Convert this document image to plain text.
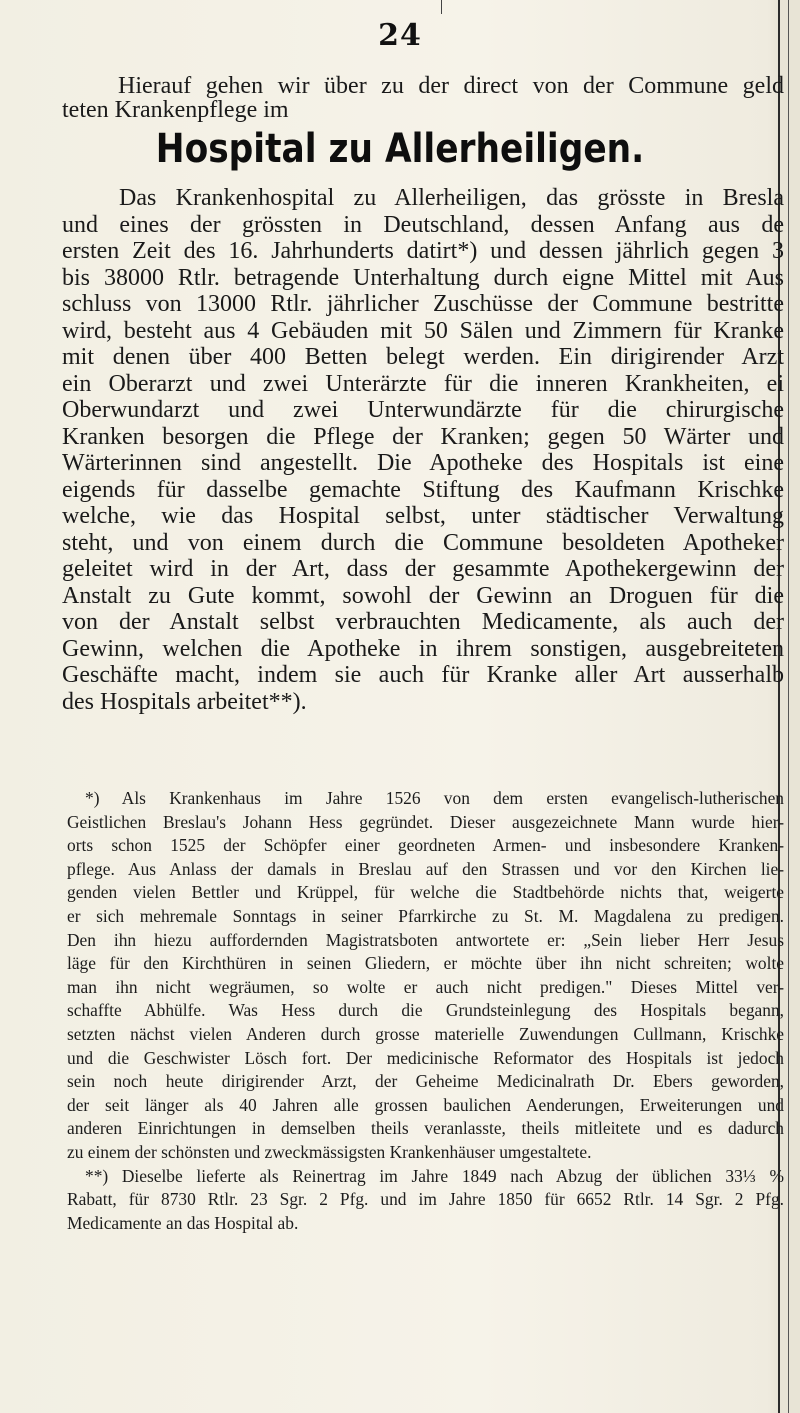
24
Hierauf gehen wir über zu der direct von der Commune geld
teten Krankenpflege im
Hospital zu Allerheiligen.
Das Krankenhospital zu Allerheiligen, das grösste in Bresla
und eines der grössten in Deutschland, dessen Anfang aus de
ersten Zeit des 16. Jahrhunderts datirt*) und dessen jährlich gegen 3
bis 38000 Rtlr. betragende Unterhaltung durch eigne Mittel mit Aus
schluss von 13000 Rtlr. jährlicher Zuschüsse der Commune bestritte
wird, besteht aus 4 Gebäuden mit 50 Sälen und Zimmern für Kranke
mit denen über 400 Betten belegt werden. Ein dirigirender Arzt
ein Oberarzt und zwei Unterärzte für die inneren Krankheiten, ei
Oberwundarzt und zwei Unterwundärzte für die chirurgische
Kranken besorgen die Pflege der Kranken; gegen 50 Wärter und
Wärterinnen sind angestellt. Die Apotheke des Hospitals ist eine
eigends für dasselbe gemachte Stiftung des Kaufmann Krischke
welche, wie das Hospital selbst, unter städtischer Verwaltung
steht, und von einem durch die Commune besoldeten Apotheker
geleitet wird in der Art, dass der gesammte Apothekergewinn der
Anstalt zu Gute kommt, sowohl der Gewinn an Droguen für die
von der Anstalt selbst verbrauchten Medicamente, als auch der
Gewinn, welchen die Apotheke in ihrem sonstigen, ausgebreiteten
Geschäfte macht, indem sie auch für Kranke aller Art ausserhalb
des Hospitals arbeitet**).
*) Als Krankenhaus im Jahre 1526 von dem ersten evangelisch-lutherischen
Geistlichen Breslau's Johann Hess gegründet. Dieser ausgezeichnete Mann wurde hier-
orts schon 1525 der Schöpfer einer geordneten Armen- und insbesondere Kranken-
pflege. Aus Anlass der damals in Breslau auf den Strassen und vor den Kirchen lie-
genden vielen Bettler und Krüppel, für welche die Stadtbehörde nichts that, weigerte
er sich mehremale Sonntags in seiner Pfarrkirche zu St. M. Magdalena zu predigen.
Den ihn hiezu auffordernden Magistratsboten antwortete er: „Sein lieber Herr Jesus
läge für den Kirchthüren in seinen Gliedern, er möchte über ihn nicht schreiten; wolte
man ihn nicht wegräumen, so wolte er auch nicht predigen." Dieses Mittel ver-
schaffte Abhülfe. Was Hess durch die Grundsteinlegung des Hospitals begann,
setzten nächst vielen Anderen durch grosse materielle Zuwendungen Cullmann, Krischke
und die Geschwister Lösch fort. Der medicinische Reformator des Hospitals ist jedoch
sein noch heute dirigirender Arzt, der Geheime Medicinalrath Dr. Ebers geworden,
der seit länger als 40 Jahren alle grossen baulichen Aenderungen, Erweiterungen und
anderen Einrichtungen in demselben theils veranlasste, theils mitleitete und es dadurch
zu einem der schönsten und zweckmässigsten Krankenhäuser umgestaltete.
**) Dieselbe lieferte als Reinertrag im Jahre 1849 nach Abzug der üblichen 33⅓ %
Rabatt, für 8730 Rtlr. 23 Sgr. 2 Pfg. und im Jahre 1850 für 6652 Rtlr. 14 Sgr. 2 Pfg.
Medicamente an das Hospital ab.
